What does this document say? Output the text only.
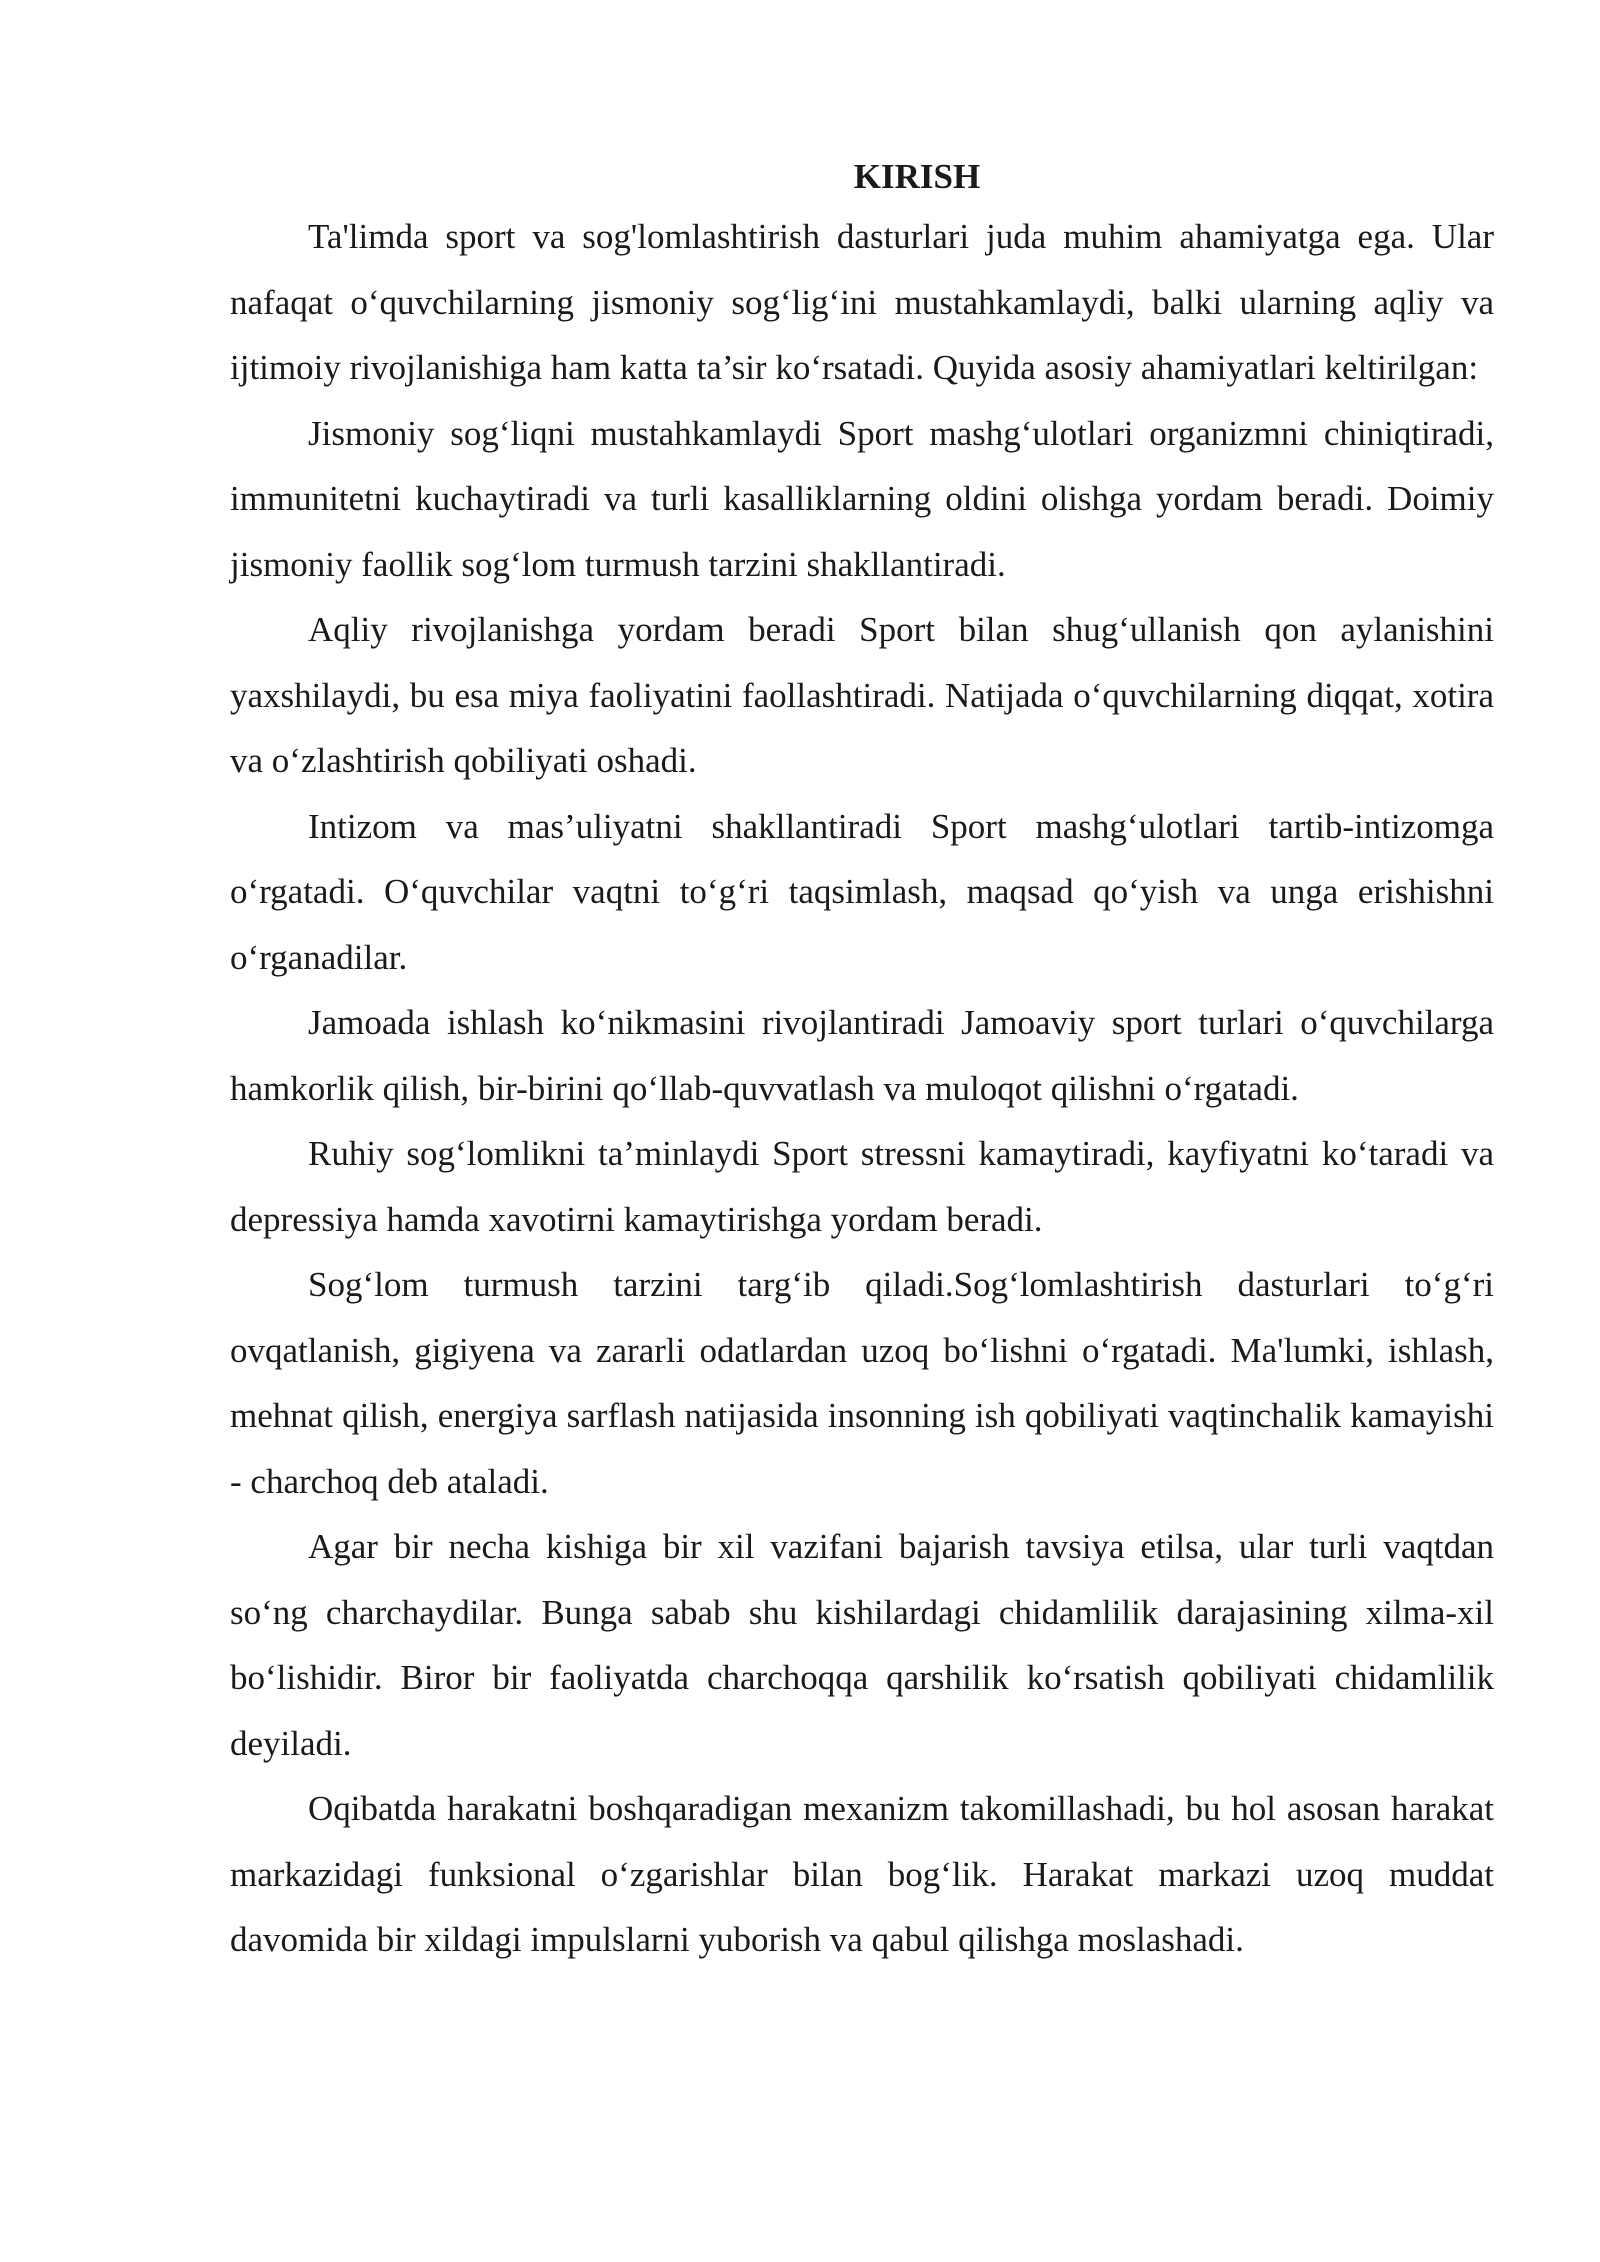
KIRISH

Ta'limda sport va sog'lomlashtirish dasturlari juda muhim ahamiyatga ega. Ular nafaqat o‘quvchilarning jismoniy sog‘lig‘ini mustahkamlaydi, balki ularning aqliy va ijtimoiy rivojlanishiga ham katta ta’sir ko‘rsatadi. Quyida asosiy ahamiyatlari keltirilgan:

Jismoniy sog‘liqni mustahkamlaydi Sport mashg‘ulotlari organizmni chiniqtiradi, immunitetni kuchaytiradi va turli kasalliklarning oldini olishga yordam beradi. Doimiy jismoniy faollik sog‘lom turmush tarzini shakllantiradi.

Aqliy rivojlanishga yordam beradi Sport bilan shug‘ullanish qon aylanishini yaxshilaydi, bu esa miya faoliyatini faollashtiradi. Natijada o‘quvchilarning diqqat, xotira va o‘zlashtirish qobiliyati oshadi.

Intizom va mas’uliyatni shakllantiradi Sport mashg‘ulotlari tartib-intizomga o‘rgatadi. O‘quvchilar vaqtni to‘g‘ri taqsimlash, maqsad qo‘yish va unga erishishni o‘rganadilar.

Jamoada ishlash ko‘nikmasini rivojlantiradi Jamoaviy sport turlari o‘quvchilarga hamkorlik qilish, bir-birini qo‘llab-quvvatlash va muloqot qilishni o‘rgatadi.

Ruhiy sog‘lomlikni ta’minlaydi Sport stressni kamaytiradi, kayfiyatni ko‘taradi va depressiya hamda xavotirni kamaytirishga yordam beradi.

Sog‘lom turmush tarzini targ‘ib qiladi.Sog‘lomlashtirish dasturlari to‘g‘ri ovqatlanish, gigiyena va zararli odatlardan uzoq bo‘lishni o‘rgatadi. Ma'lumki, ishlash, mehnat qilish, energiya sarflash natijasida insonning ish qobiliyati vaqtinchalik kamayishi - charchoq deb ataladi.

Agar bir necha kishiga bir xil vazifani bajarish tavsiya etilsa, ular turli vaqtdan so‘ng charchaydilar. Bunga sabab shu kishilardagi chidamlilik darajasining xilma-xil bo‘lishidir. Biror bir faoliyatda charchoqqa qarshilik ko‘rsatish qobiliyati chidamlilik deyiladi.

Oqibatda harakatni boshqaradigan mexanizm takomillashadi, bu hol asosan harakat markazidagi funksional o‘zgarishlar bilan bog‘lik. Harakat markazi uzoq muddat davomida bir xildagi impulslarni yuborish va qabul qilishga moslashadi.
